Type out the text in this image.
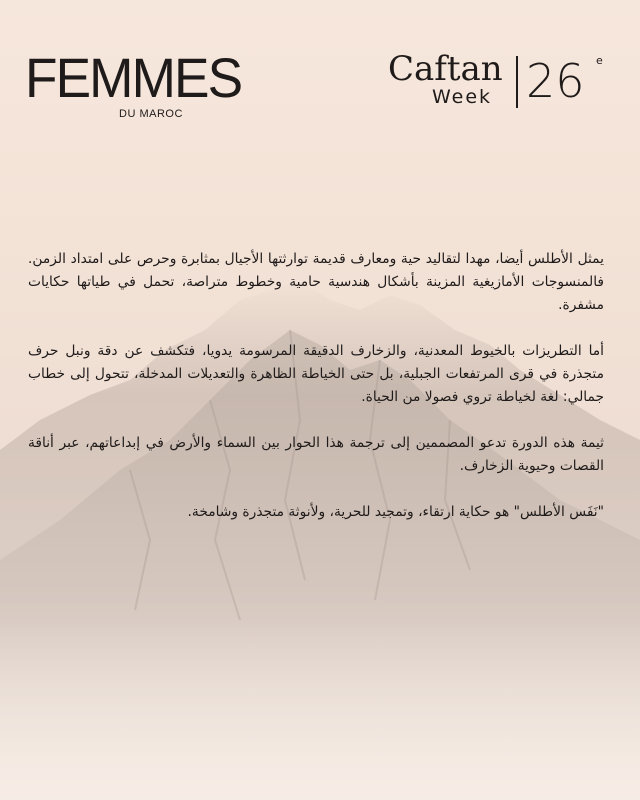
FEMMES
DU MAROC
Caftan
Week 26 e

يمثل الأطلس أيضا، مهدا لتقاليد حية ومعارف قديمة توارثتها الأجيال بمثابرة وحرص على امتداد الزمن. فالمنسوجات الأمازيغية المزينة بأشكال هندسية حامية وخطوط متراصة، تحمل في طياتها حكايات مشفرة.

أما التطريزات بالخيوط المعدنية، والزخارف الدقيقة المرسومة يدويا، فتكشف عن دقة ونبل حرف متجذرة في قرى المرتفعات الجبلية، بل حتى الخياطة الظاهرة والتعديلات المدخلة، تتحول إلى خطاب جمالي: لغة لخياطة تروي فصولا من الحياة.

ثيمة هذه الدورة تدعو المصممين إلى ترجمة هذا الحوار بين السماء والأرض في إبداعاتهم، عبر أناقة القصات وحيوية الزخارف.

"نَفَس الأطلس" هو حكاية ارتقاء، وتمجيد للحرية، ولأنوثة متجذرة وشامخة.
